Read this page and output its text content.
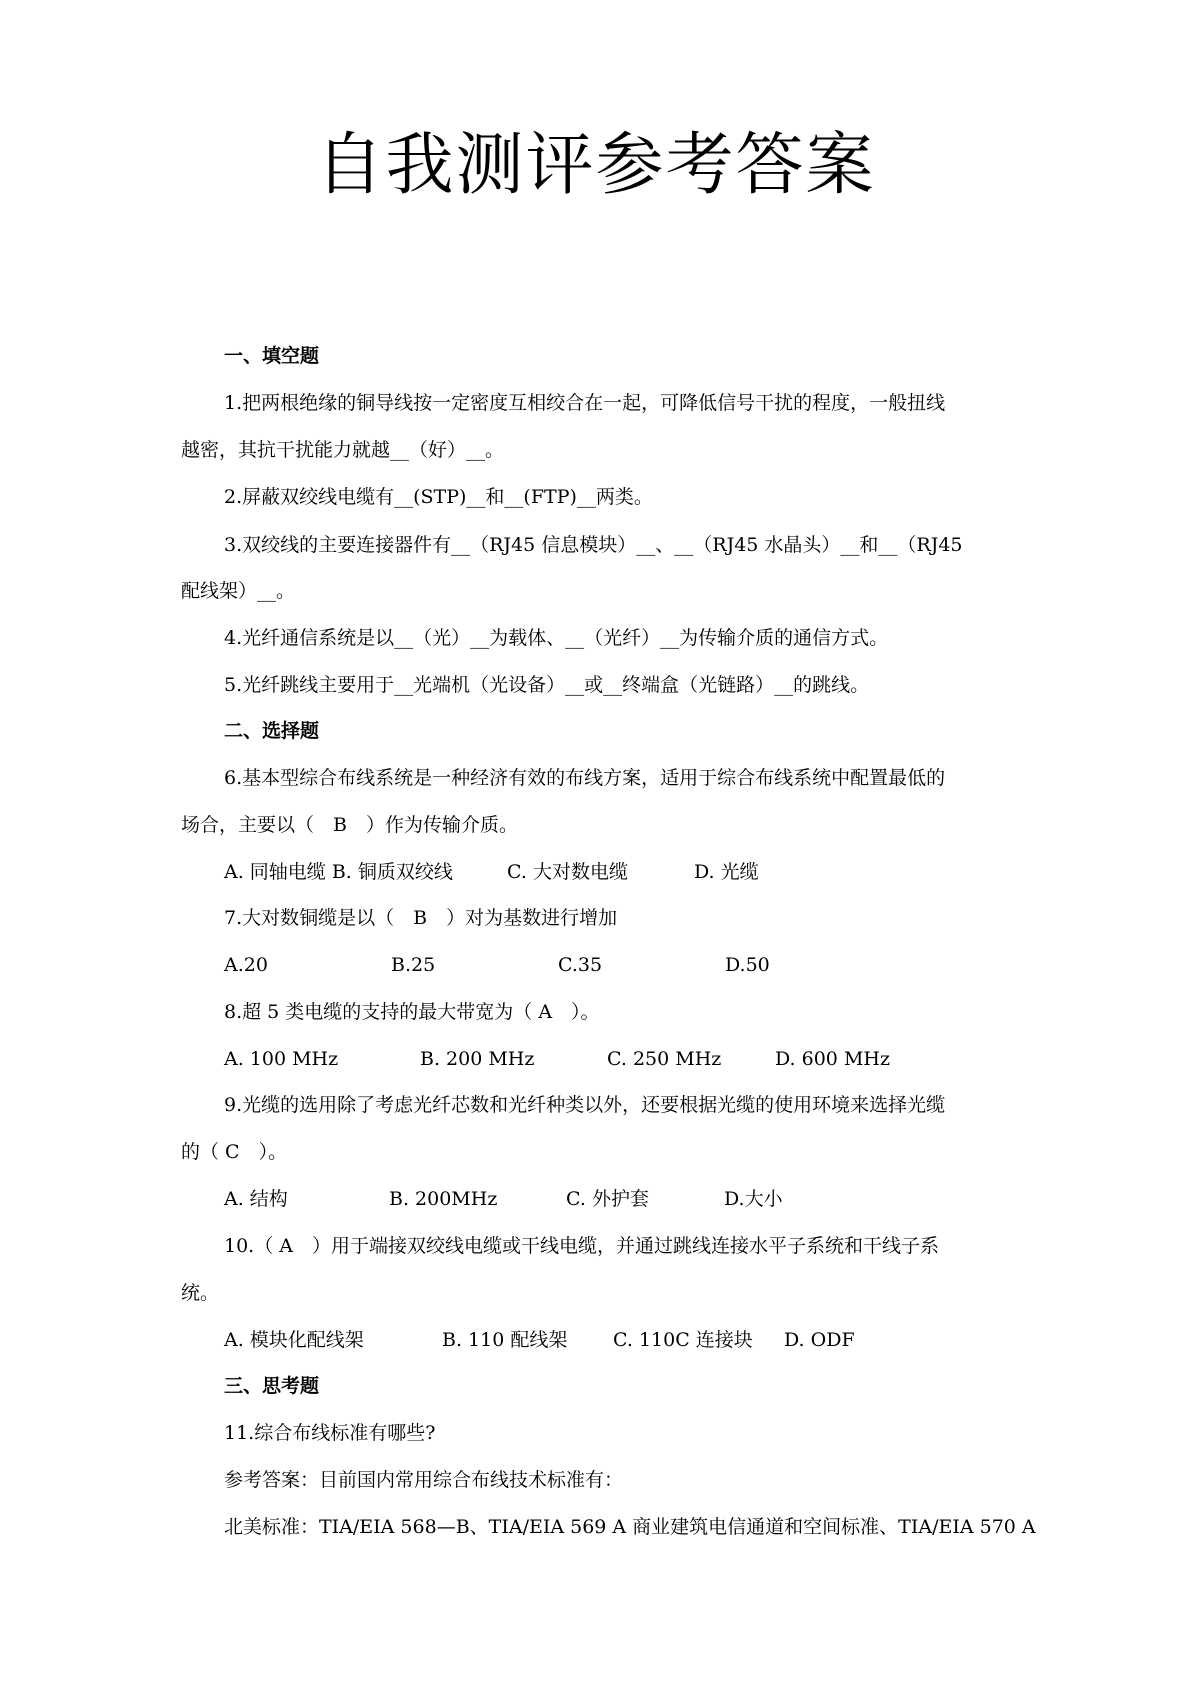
自我测评参考答案
一、填空题
1.把两根绝缘的铜导线按一定密度互相绞合在一起，可降低信号干扰的程度，一般扭线
越密，其抗干扰能力就越__（好）__。
2.屏蔽双绞线电缆有__(STP)__和__(FTP)__两类。
3.双绞线的主要连接器件有__（RJ45 信息模块）__、__（RJ45 水晶头）__和__（RJ45
配线架）__。
4.光纤通信系统是以__（光）__为载体、__（光纤）__为传输介质的通信方式。
5.光纤跳线主要用于__光端机（光设备）__或__终端盒（光链路）__的跳线。
二、选择题
6.基本型综合布线系统是一种经济有效的布线方案，适用于综合布线系统中配置最低的
场合，主要以（　B　）作为传输介质。
A. 同轴电缆 B. 铜质双绞线	C. 大对数电缆	D. 光缆
7.大对数铜缆是以（　B　）对为基数进行增加
A.20	B.25	C.35	D.50
8.超 5 类电缆的支持的最大带宽为（ A　）。
A. 100 MHz	B. 200 MHz	C. 250 MHz	D. 600 MHz
9.光缆的选用除了考虑光纤芯数和光纤种类以外，还要根据光缆的使用环境来选择光缆
的（ C　）。
A. 结构	B. 200MHz	C. 外护套	D.大小
10.（ A　）用于端接双绞线电缆或干线电缆，并通过跳线连接水平子系统和干线子系
统。
A. 模块化配线架	B. 110 配线架 C. 110C 连接块 D. ODF
三、思考题
11.综合布线标准有哪些?
参考答案：目前国内常用综合布线技术标准有：
北美标准：TIA/EIA 568—B、TIA/EIA 569 A 商业建筑电信通道和空间标准、TIA/EIA 570 A
